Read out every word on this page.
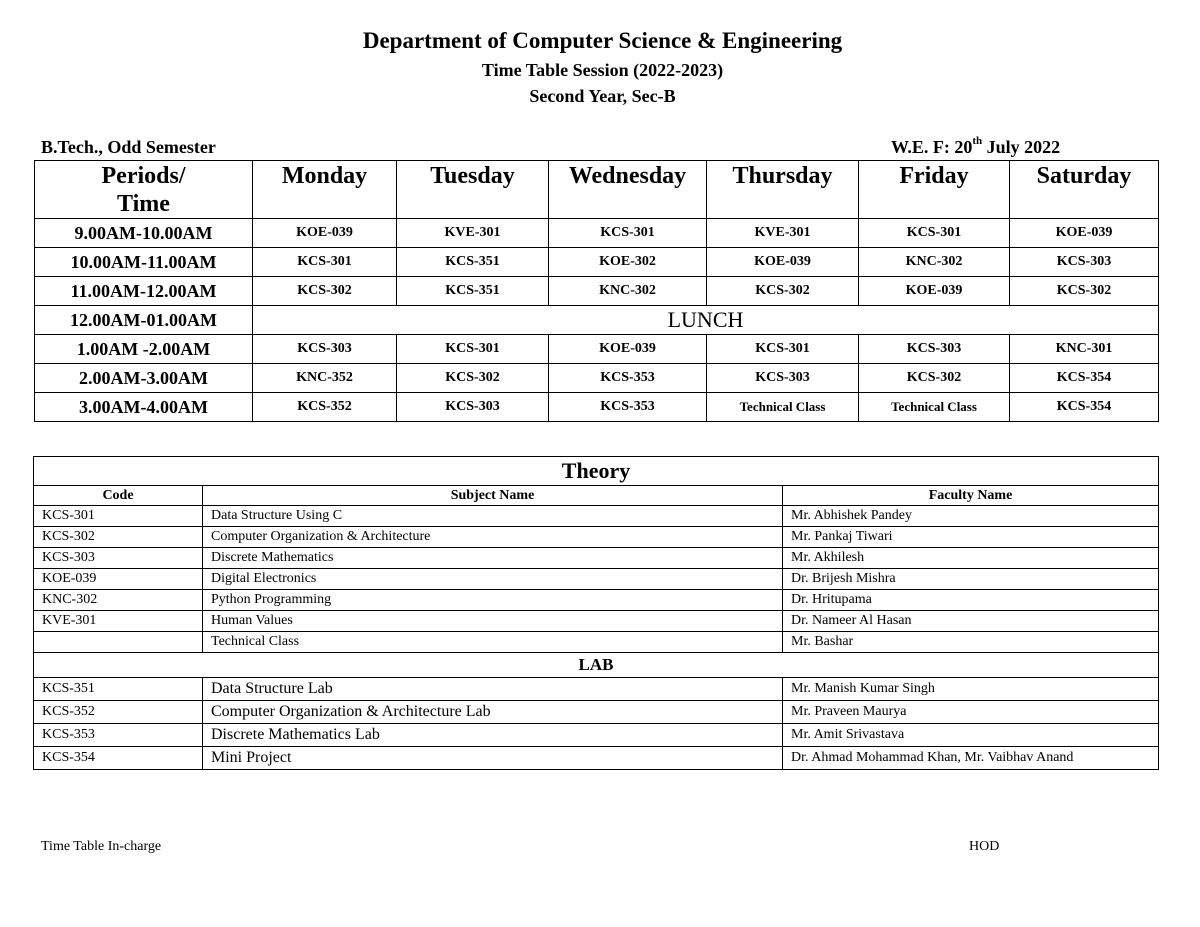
Department of Computer Science & Engineering
Time Table Session (2022-2023)
Second Year, Sec-B
B.Tech., Odd Semester	W.E. F: 20th July 2022
Periods/
Time	Monday	Tuesday	Wednesday	Thursday	Friday	Saturday
9.00AM-10.00AM	KOE-039	KVE-301	KCS-301	KVE-301	KCS-301	KOE-039
10.00AM-11.00AM	KCS-301	KCS-351	KOE-302	KOE-039	KNC-302	KCS-303
11.00AM-12.00AM	KCS-302	KCS-351	KNC-302	KCS-302	KOE-039	KCS-302
12.00AM-01.00AM	LUNCH					
1.00AM -2.00AM	KCS-303	KCS-301	KOE-039	KCS-301	KCS-303	KNC-301
2.00AM-3.00AM	KNC-352	KCS-302	KCS-353	KCS-303	KCS-302	KCS-354
3.00AM-4.00AM	KCS-352	KCS-303	KCS-353	Technical Class	Technical Class	KCS-354
Theory		
Code	Subject Name	Faculty Name
KCS-301	Data Structure Using C	Mr. Abhishek Pandey
KCS-302	Computer Organization & Architecture	Mr. Pankaj Tiwari
KCS-303	Discrete Mathematics	Mr. Akhilesh
KOE-039	Digital Electronics	Dr. Brijesh Mishra
KNC-302	Python Programming	Dr. Hritupama
KVE-301	Human Values	Dr. Nameer Al Hasan
	Technical Class	Mr. Bashar
LAB		
KCS-351	Data Structure Lab	Mr. Manish Kumar Singh
KCS-352	Computer Organization & Architecture Lab	Mr. Praveen Maurya
KCS-353	Discrete Mathematics Lab	Mr. Amit Srivastava
KCS-354	Mini Project	Dr. Ahmad Mohammad Khan, Mr. Vaibhav Anand
Time Table In-charge	HOD
